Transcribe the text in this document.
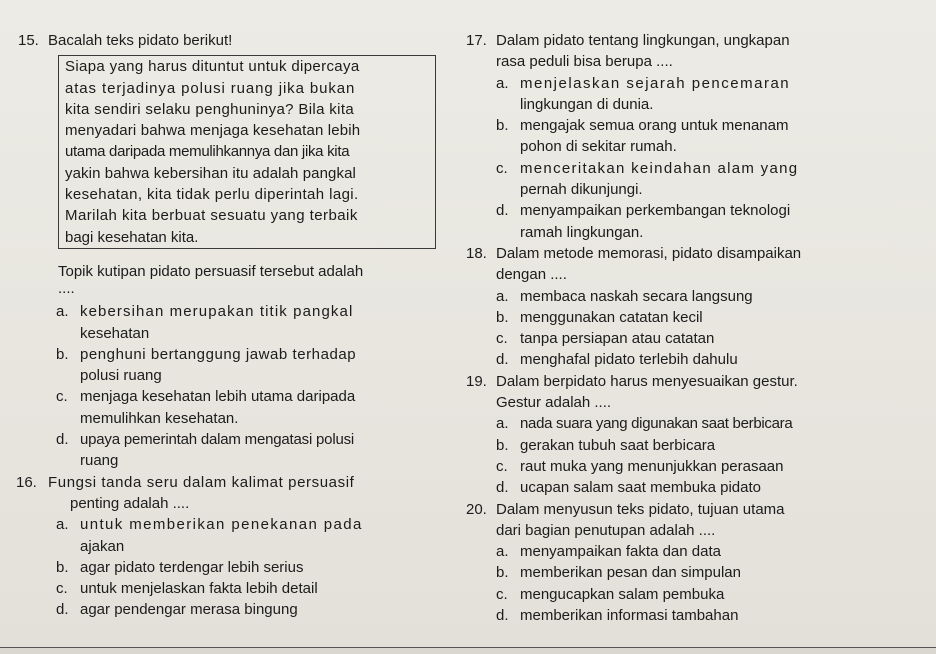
15. Bacalah teks pidato berikut!
Siapa yang harus dituntut untuk dipercaya
atas terjadinya polusi ruang jika bukan
kita sendiri selaku penghuninya? Bila kita
menyadari bahwa menjaga kesehatan lebih
utama daripada memulihkannya dan jika kita
yakin bahwa kebersihan itu adalah pangkal
kesehatan, kita tidak perlu diperintah lagi.
Marilah kita berbuat sesuatu yang terbaik
bagi kesehatan kita.
Topik kutipan pidato persuasif tersebut adalah
....
a. kebersihan merupakan titik pangkal
kesehatan
b. penghuni bertanggung jawab terhadap
polusi ruang
c. menjaga kesehatan lebih utama daripada
memulihkan kesehatan.
d. upaya pemerintah dalam mengatasi polusi
ruang
16. Fungsi tanda seru dalam kalimat persuasif
penting adalah ....
a. untuk memberikan penekanan pada
ajakan
b. agar pidato terdengar lebih serius
c. untuk menjelaskan fakta lebih detail
d. agar pendengar merasa bingung
17. Dalam pidato tentang lingkungan, ungkapan
rasa peduli bisa berupa ....
a. menjelaskan sejarah pencemaran
lingkungan di dunia.
b. mengajak semua orang untuk menanam
pohon di sekitar rumah.
c. menceritakan keindahan alam yang
pernah dikunjungi.
d. menyampaikan perkembangan teknologi
ramah lingkungan.
18. Dalam metode memorasi, pidato disampaikan
dengan ....
a. membaca naskah secara langsung
b. menggunakan catatan kecil
c. tanpa persiapan atau catatan
d. menghafal pidato terlebih dahulu
19. Dalam berpidato harus menyesuaikan gestur.
Gestur adalah ....
a. nada suara yang digunakan saat berbicara
b. gerakan tubuh saat berbicara
c. raut muka yang menunjukkan perasaan
d. ucapan salam saat membuka pidato
20. Dalam menyusun teks pidato, tujuan utama
dari bagian penutupan adalah ....
a. menyampaikan fakta dan data
b. memberikan pesan dan simpulan
c. mengucapkan salam pembuka
d. memberikan informasi tambahan
